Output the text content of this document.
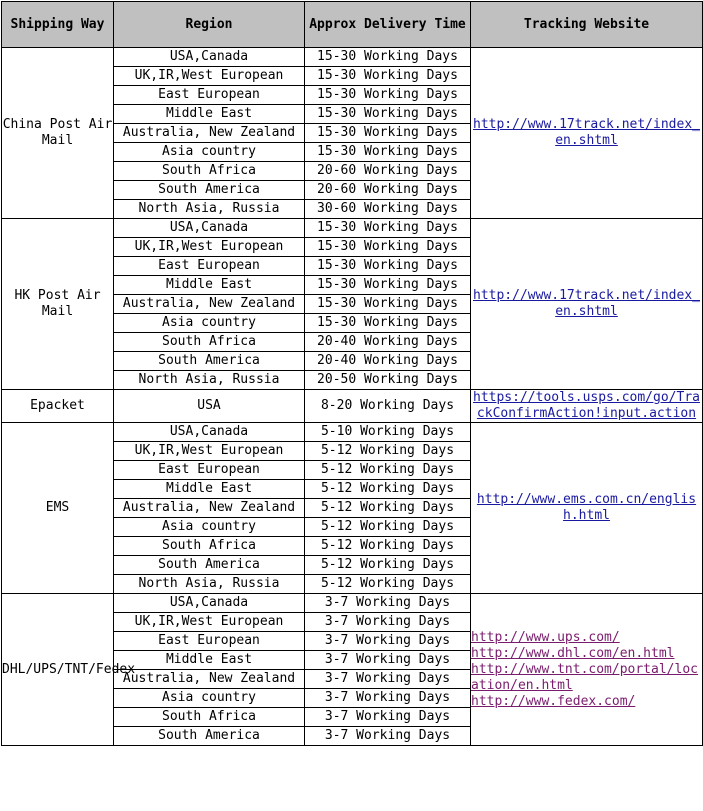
Shipping Way	Region	Approx Delivery Time	Tracking Website
China Post Air Mail	USA,Canada	15-30 Working Days	http://www.17track.net/index_en.shtml

	UK,IR,West European	15-30 Working Days	
	East European	15-30 Working Days	
	Middle East	15-30 Working Days	
	Australia, New Zealand	15-30 Working Days	
	Asia country	15-30 Working Days	
	South Africa	20-60 Working Days	
	South America	20-60 Working Days	
	North Asia, Russia	30-60 Working Days	
HK Post Air Mail	USA,Canada	15-30 Working Days	http://www.17track.net/index_en.shtml

	UK,IR,West European	15-30 Working Days	
	East European	15-30 Working Days	
	Middle East	15-30 Working Days	
	Australia, New Zealand	15-30 Working Days	
	Asia country	15-30 Working Days	
	South Africa	20-40 Working Days	
	South America	20-40 Working Days	
	North Asia, Russia	20-50 Working Days	
Epacket	USA	8-20 Working Days	https://tools.usps.com/go/TrackConfirmAction!input.action

EMS	USA,Canada	5-10 Working Days	http://www.ems.com.cn/english.html

	UK,IR,West European	5-12 Working Days	
	East European	5-12 Working Days	
	Middle East	5-12 Working Days	
	Australia, New Zealand	5-12 Working Days	
	Asia country	5-12 Working Days	
	South Africa	5-12 Working Days	
	South America	5-12 Working Days	
	North Asia, Russia	5-12 Working Days	
DHL/UPS/TNT/Fedex	USA,Canada	3-7 Working Days	http://www.ups.com/
http://www.dhl.com/en.html
http://www.tnt.com/portal/location/en.html
http://www.fedex.com/

	UK,IR,West European	3-7 Working Days	
	East European	3-7 Working Days	
	Middle East	3-7 Working Days	
	Australia, New Zealand	3-7 Working Days	
	Asia country	3-7 Working Days	
	South Africa	3-7 Working Days	
	South America	3-7 Working Days	
